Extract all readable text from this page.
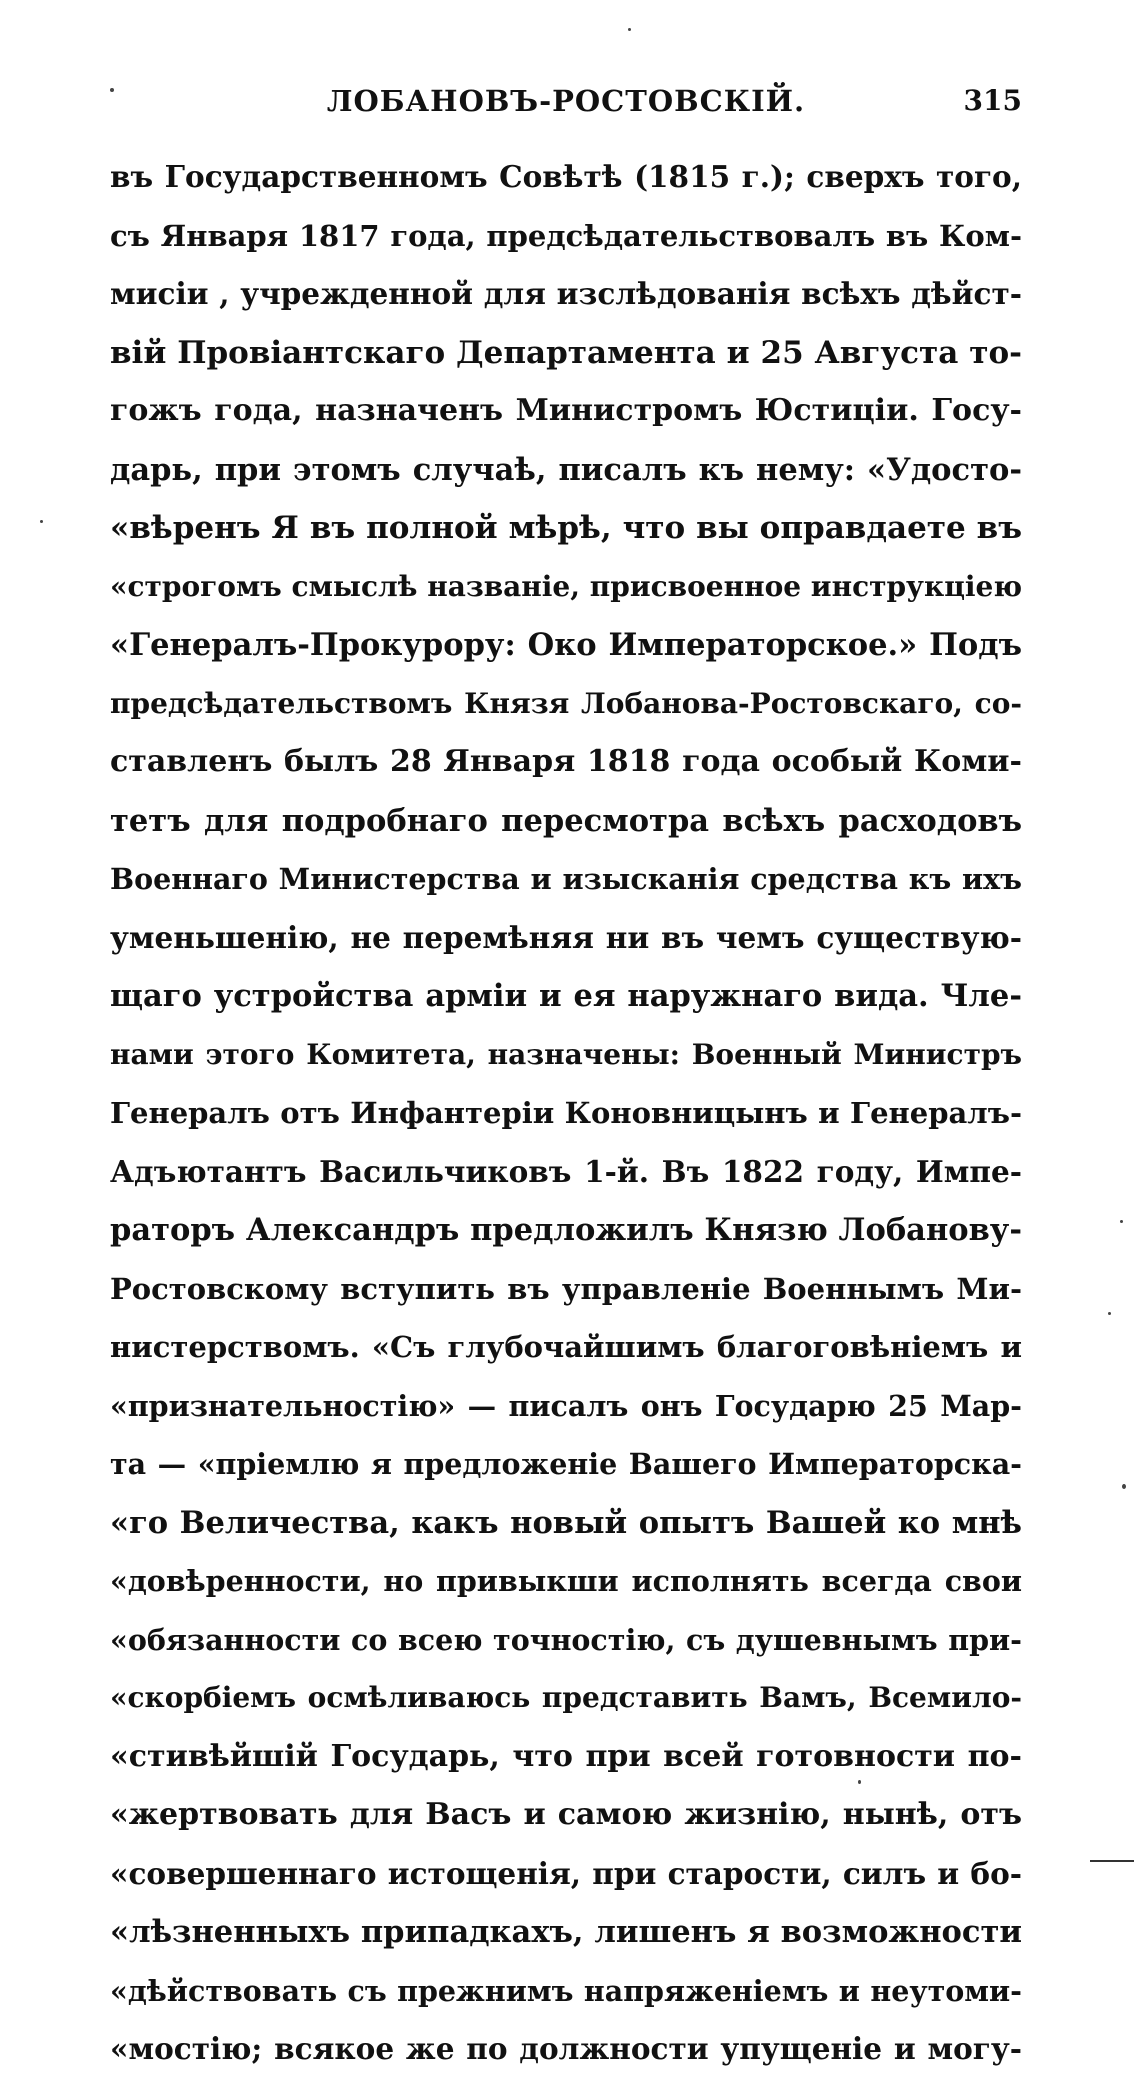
ЛОБАНОВЪ-РОСТОВСКІЙ.	315
въ Государственномъ Совѣтѣ (1815 г.); сверхъ того,
съ Января 1817 года, предсѣдательствовалъ въ Ком-
мисіи , учрежденной для изслѣдованія всѣхъ дѣйст-
вій Провіантскаго Департамента и 25 Августа то-
гожъ года, назначенъ Министромъ Юстиціи. Госу-
дарь, при этомъ случаѣ, писалъ къ нему: «Удосто-
«вѣренъ Я въ полной мѣрѣ, что вы оправдаете въ
«строгомъ смыслѣ названіе, присвоенное инструкціею
«Генералъ-Прокурору: Око Императорское.» Подъ
предсѣдательствомъ Князя Лобанова-Ростовскаго, со-
ставленъ былъ 28 Января 1818 года особый Коми-
тетъ для подробнаго пересмотра всѣхъ расходовъ
Военнаго Министерства и изысканія средства къ ихъ
уменьшенію, не перемѣняя ни въ чемъ существую-
щаго устройства арміи и ея наружнаго вида. Чле-
нами этого Комитета, назначены: Военный Министръ
Генералъ отъ Инфантеріи Коновницынъ и Генералъ-
Адъютантъ Васильчиковъ 1-й. Въ 1822 году, Импе-
раторъ Александръ предложилъ Князю Лобанову-
Ростовскому вступить въ управленіе Военнымъ Ми-
нистерствомъ. «Съ глубочайшимъ благоговѣніемъ и
«признательностію» — писалъ онъ Государю 25 Мар-
та — «пріемлю я предложеніе Вашего Императорска-
«го Величества, какъ новый опытъ Вашей ко мнѣ
«довѣренности, но привыкши исполнять всегда свои
«обязанности со всею точностію, съ душевнымъ при-
«скорбіемъ осмѣливаюсь представить Вамъ, Всемило-
«стивѣйшій Государь, что при всей готовности по-
«жертвовать для Васъ и самою жизнію, нынѣ, отъ
«совершеннаго истощенія, при старости, силъ и бо-
«лѣзненныхъ припадкахъ, лишенъ я возможности
«дѣйствовать съ прежнимъ напряженіемъ и неутоми-
«мостію; всякое же по должности упущеніе и могу-
